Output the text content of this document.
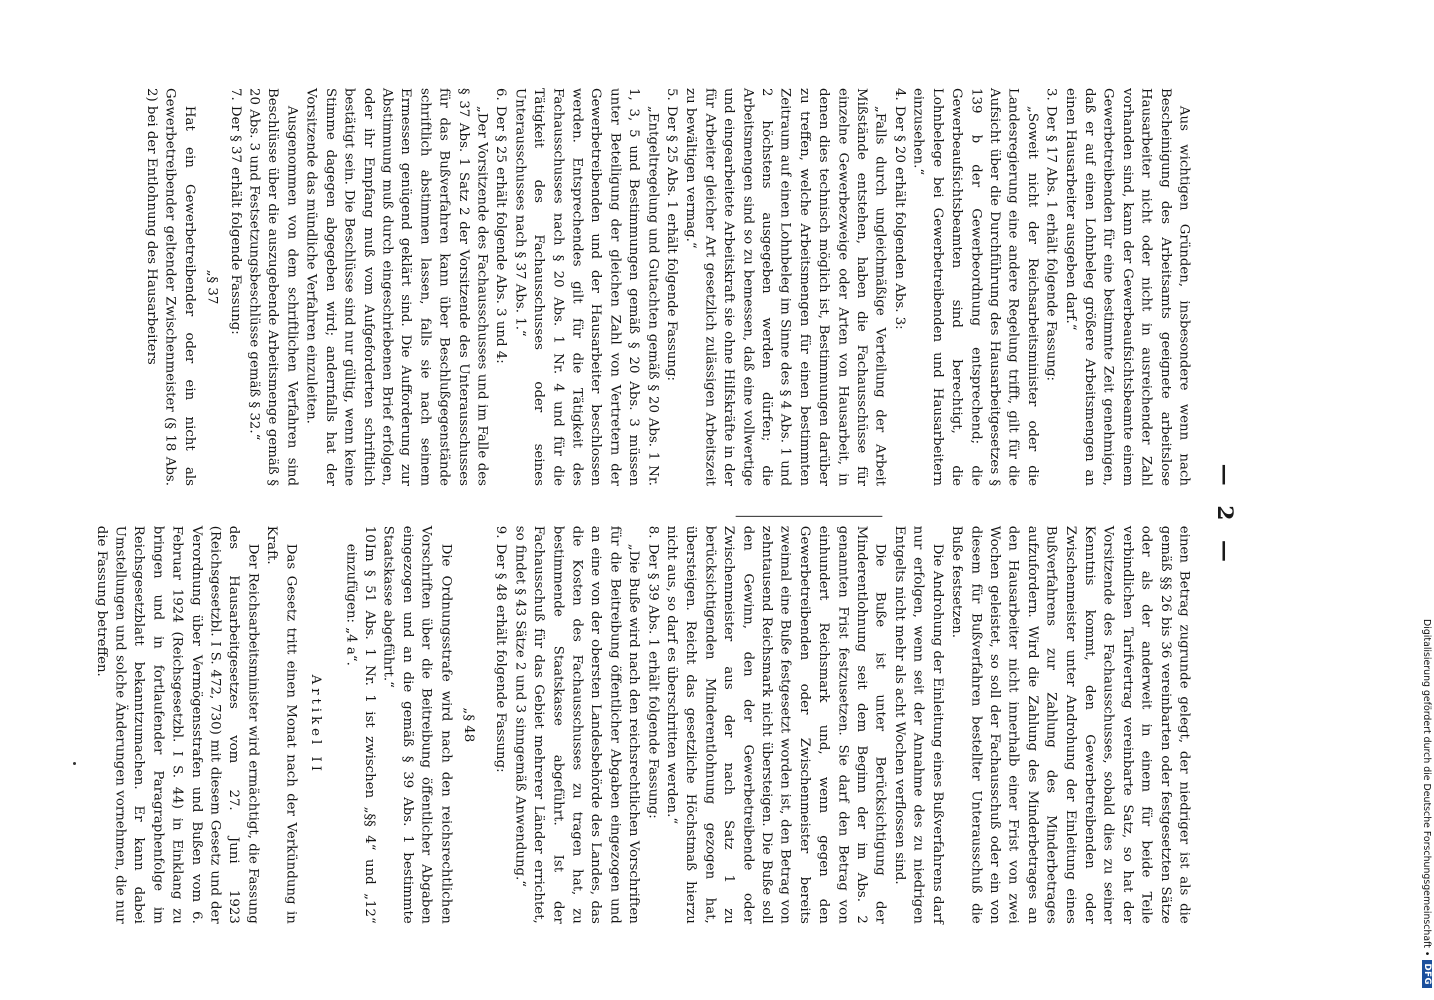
— 2 —

Aus wichtigen Gründen, insbesondere wenn nach Bescheinigung des Arbeitsamts geeignete arbeitslose Hausarbeiter nicht oder nicht in ausreichender Zahl vorhanden sind, kann der Gewerbeaufsichtsbeamte einem Gewerbetreibenden für eine bestimmte Zeit genehmigen, daß er auf einen Lohnbeleg größere Arbeitsmengen an einen Hausarbeiter ausgeben darf.“

3.Der § 17 Abs. 1 erhält folgende Fassung:

„Soweit nicht der Reichsarbeitsminister oder die Landesregierung eine andere Regelung trifft, gilt für die Aufsicht über die Durchführung des Hausarbeitgesetzes § 139 b der Gewerbeordnung entsprechend; die Gewerbeaufsichtsbeamten sind berechtigt, die Lohnbelege bei Gewerbetreibenden und Hausarbeitern einzusehen.“

4.Der § 20 erhält folgenden Abs. 3:

„Falls durch ungleichmäßige Verteilung der Arbeit Mißstände entstehen, haben die Fachausschüsse für einzelne Gewerbezweige oder Arten von Hausarbeit, in denen dies technisch möglich ist, Bestimmungen darüber zu treffen, welche Arbeitsmengen für einen bestimmten Zeitraum auf einen Lohnbeleg im Sinne des § 4 Abs. 1 und 2 höchstens ausgegeben werden dürfen; die Arbeitsmengen sind so zu bemessen, daß eine vollwertige und eingearbeitete Arbeitskraft sie ohne Hilfskräfte in der für Arbeiter gleicher Art gesetzlich zulässigen Arbeitszeit zu bewältigen vermag.“

5.Der § 25 Abs. 1 erhält folgende Fassung:

„Entgeltregelung und Gutachten gemäß § 20 Abs. 1 Nr. 1, 3, 5 und Bestimmungen gemäß § 20 Abs. 3 müssen unter Beteiligung der gleichen Zahl von Vertretern der Gewerbetreibenden und der Hausarbeiter beschlossen werden. Entsprechendes gilt für die Tätigkeit des Fachausschusses nach § 20 Abs. 1 Nr. 4 und für die Tätigkeit des Fachausschusses oder seines Unterausschusses nach § 37 Abs. 1.“

6.Der § 25 erhält folgende Abs. 3 und 4:

„Der Vorsitzende des Fachausschusses und im Falle des § 37 Abs. 1 Satz 2 der Vorsitzende des Unterausschusses für das Bußverfahren kann über Beschlußgegenstände schriftlich abstimmen lassen, falls sie nach seinem Ermessen genügend geklärt sind. Die Aufforderung zur Abstimmung muß durch eingeschriebenen Brief erfolgen, oder ihr Empfang muß vom Aufgeforderten schriftlich bestätigt sein. Die Beschlüsse sind nur gültig, wenn keine Stimme dagegen abgegeben wird; andernfalls hat der Vorsitzende das mündliche Verfahren einzuleiten.

Ausgenommen von dem schriftlichen Verfahren sind Beschlüsse über die auszugebende Arbeitsmenge gemäß § 20 Abs. 3 und Festsetzungsbeschlüsse gemäß § 32.“

7.Der § 37 erhält folgende Fassung:

„§ 37

Hat ein Gewerbetreibender oder ein nicht als Gewerbetreibender geltender Zwischenmeister (§ 18 Abs. 2) bei der Entlohnung des Hausarbeiters

einen Betrag zugrunde gelegt, der niedriger ist als die gemäß §§ 26 bis 36 vereinbarten oder festgesetzten Sätze oder als der anderweit in einem für beide Teile verbindlichen Tarifvertrag vereinbarte Satz, so hat der Vorsitzende des Fachausschusses, sobald dies zu seiner Kenntnis kommt, den Gewerbetreibenden oder Zwischenmeister unter Androhung der Einleitung eines Bußverfahrens zur Zahlung des Minderbetrages aufzufordern. Wird die Zahlung des Minderbetrages an den Hausarbeiter nicht innerhalb einer Frist von zwei Wochen geleistet, so soll der Fachausschuß oder ein von diesem für Bußverfahren bestellter Unterausschuß die Buße festsetzen.

Die Androhung der Einleitung eines Bußverfahrens darf nur erfolgen, wenn seit der Annahme des zu niedrigen Entgelts nicht mehr als acht Wochen verflossen sind.

Die Buße ist unter Berücksichtigung der Minderentlohnung seit dem Beginn der im Abs. 2 genannten Frist festzusetzen. Sie darf den Betrag von einhundert Reichsmark und, wenn gegen den Gewerbetreibenden oder Zwischenmeister bereits zweimal eine Buße festgesetzt worden ist, den Betrag von zehntausend Reichsmark nicht übersteigen. Die Buße soll den Gewinn, den der Gewerbetreibende oder Zwischenmeister aus der nach Satz 1 zu berücksichtigenden Minderentlohnung gezogen hat, übersteigen. Reicht das gesetzliche Höchstmaß hierzu nicht aus, so darf es überschritten werden.“

8.Der § 39 Abs. 1 erhält folgende Fassung:

„Die Buße wird nach den reichsrechtlichen Vorschriften für die Beitreibung öffentlicher Abgaben eingezogen und an eine von der obersten Landesbehörde des Landes, das die Kosten des Fachausschusses zu tragen hat, zu bestimmende Staatskasse abgeführt. Ist der Fachausschuß für das Gebiet mehrerer Länder errichtet, so findet § 43 Sätze 2 und 3 sinngemäß Anwendung.“

9.Der § 48 erhält folgende Fassung:

„§ 48

Die Ordnungsstrafe wird nach den reichsrechtlichen Vorschriften über die Beitreibung öffentlicher Abgaben eingezogen und an die gemäß § 39 Abs. 1 bestimmte Staatskasse abgeführt.“

10.Im § 51 Abs. 1 Nr. 1 ist zwischen „§§ 4“ und „12“ einzufügen: „4 a“.

Artikel II

Das Gesetz tritt einen Monat nach der Verkündung in Kraft.

Der Reichsarbeitsminister wird ermächtigt, die Fassung des Hausarbeitgesetzes vom 27. Juni 1923 (Reichsgesetzbl. I S. 472, 730) mit diesem Gesetz und der Verordnung über Vermögensstrafen und Bußen vom 6. Februar 1924 (Reichsgesetzbl. I S. 44) in Einklang zu bringen und in fortlaufender Paragraphenfolge im Reichsgesetzblatt bekanntzumachen. Er kann dabei Umstellungen und solche Änderungen vornehmen, die nur die Fassung betreffen.

Digitalisierung gefördert durch die Deutsche Forschungsgemeinschaft •
DFG
